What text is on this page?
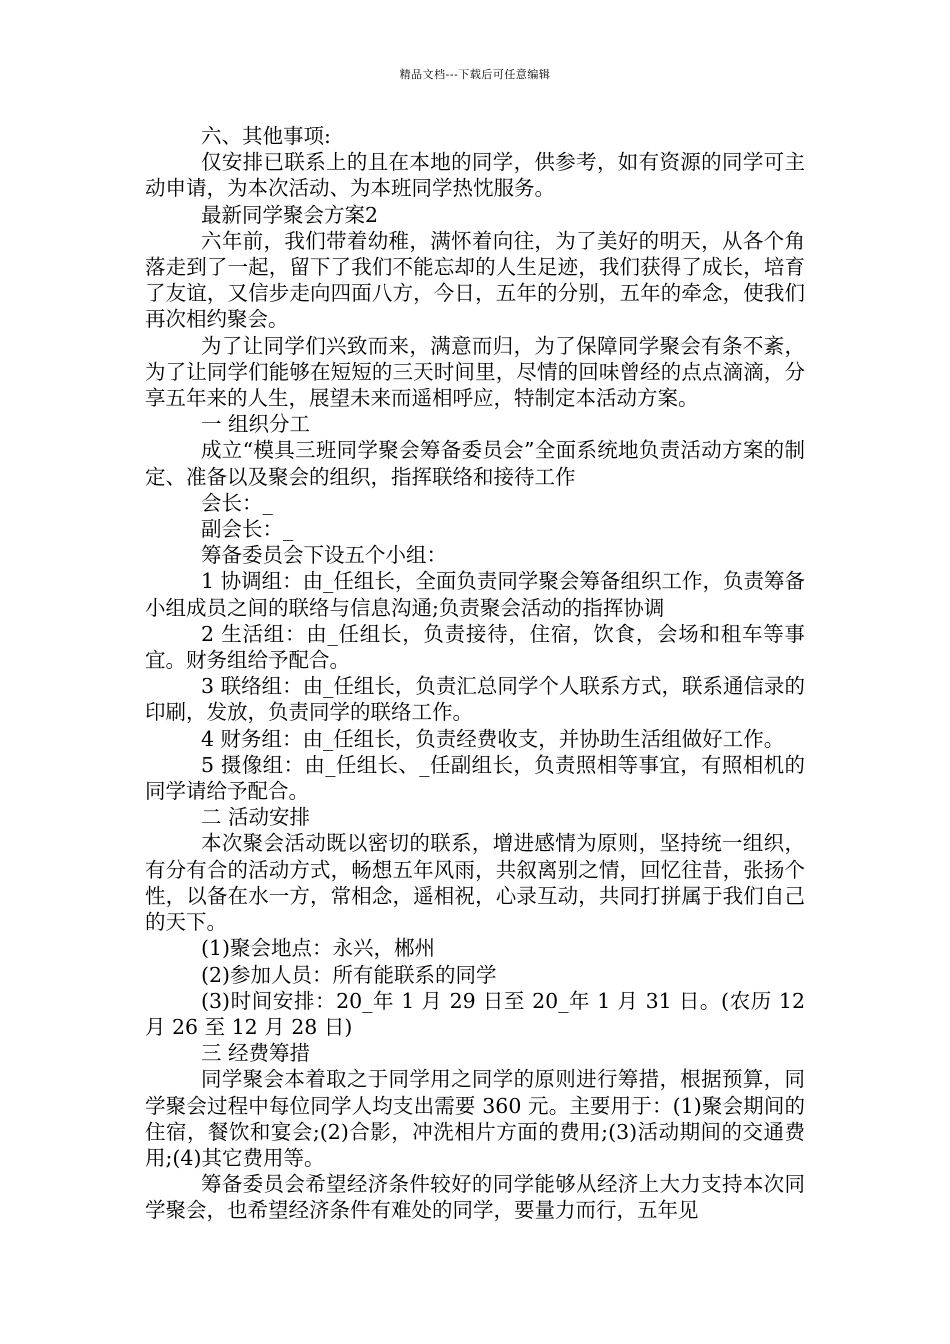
精品文档---下载后可任意编辑

六、其他事项:

仅安排已联系上的且在本地的同学，供参考，如有资源的同学可主动申请，为本次活动、为本班同学热忱服务。

最新同学聚会方案2

六年前，我们带着幼稚，满怀着向往，为了美好的明天，从各个角落走到了一起，留下了我们不能忘却的人生足迹，我们获得了成长，培育了友谊，又信步走向四面八方，今日，五年的分别，五年的牵念，使我们再次相约聚会。

为了让同学们兴致而来，满意而归，为了保障同学聚会有条不紊，为了让同学们能够在短短的三天时间里，尽情的回味曾经的点点滴滴，分享五年来的人生，展望未来而遥相呼应，特制定本活动方案。

一 组织分工

成立“模具三班同学聚会筹备委员会”全面系统地负责活动方案的制定、准备以及聚会的组织，指挥联络和接待工作

会长：_

副会长：_

筹备委员会下设五个小组：

1 协调组：由_任组长，全面负责同学聚会筹备组织工作，负责筹备小组成员之间的联络与信息沟通;负责聚会活动的指挥协调

2 生活组：由_任组长，负责接待，住宿，饮食，会场和租车等事宜。财务组给予配合。

3 联络组：由_任组长，负责汇总同学个人联系方式，联系通信录的印刷，发放，负责同学的联络工作。

4 财务组：由_任组长，负责经费收支，并协助生活组做好工作。

5 摄像组：由_任组长、_任副组长，负责照相等事宜，有照相机的同学请给予配合。

二 活动安排

本次聚会活动既以密切的联系，增进感情为原则，坚持统一组织，有分有合的活动方式，畅想五年风雨，共叙离别之情，回忆往昔，张扬个性，以备在水一方，常相念，遥相祝，心录互动，共同打拼属于我们自己的天下。

(1)聚会地点：永兴，郴州

(2)参加人员：所有能联系的同学

(3)时间安排：20_年 1 月 29 日至 20_年 1 月 31 日。(农历 12 月 26 至 12 月 28 日)

三 经费筹措

同学聚会本着取之于同学用之同学的原则进行筹措，根据预算，同学聚会过程中每位同学人均支出需要 360 元。主要用于：(1)聚会期间的住宿，餐饮和宴会;(2)合影，冲洗相片方面的费用;(3)活动期间的交通费用;(4)其它费用等。

筹备委员会希望经济条件较好的同学能够从经济上大力支持本次同学聚会，也希望经济条件有难处的同学，要量力而行，五年见
